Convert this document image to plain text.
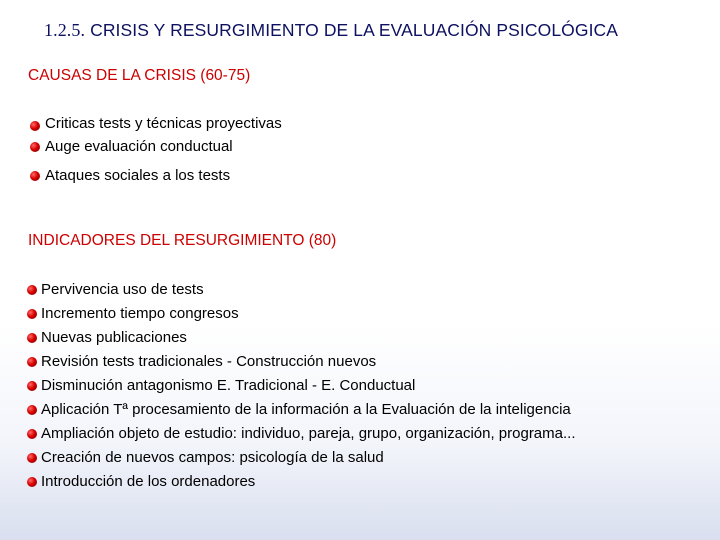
1.2.5. CRISIS Y RESURGIMIENTO DE LA EVALUACIÓN PSICOLÓGICA
CAUSAS DE LA CRISIS (60-75)
Criticas tests y técnicas proyectivas
Auge evaluación conductual
Ataques sociales a los tests
INDICADORES DEL RESURGIMIENTO (80)
Pervivencia uso de tests
Incremento tiempo congresos
Nuevas publicaciones
Revisión tests tradicionales - Construcción nuevos
Disminución antagonismo E. Tradicional - E. Conductual
Aplicación Tª procesamiento de la información a la Evaluación de la inteligencia
Ampliación objeto de estudio: individuo, pareja, grupo, organización, programa...
Creación de nuevos campos: psicología de la salud
Introducción de los ordenadores
